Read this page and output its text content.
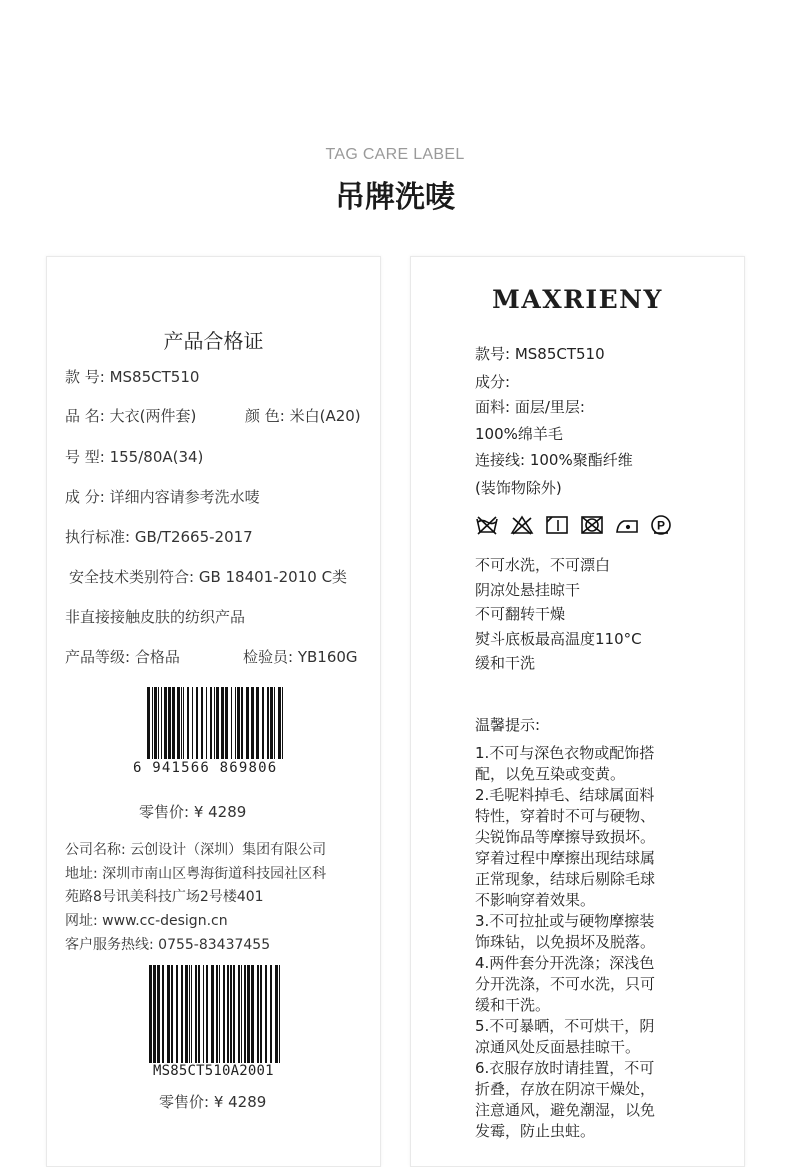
TAG CARE LABEL
吊牌洗唛
产品合格证
款 号: MS85CT510
品 名: 大衣(两件套)	颜 色: 米白(A20)
号 型: 155/80A(34)
成 分: 详细内容请参考洗水唛
执行标准: GB/T2665-2017
安全技术类别符合: GB 18401-2010 C类
非直接接触皮肤的纺织产品
产品等级: 合格品	检验员: YB160G
6 941566 869806
零售价: ¥ 4289
公司名称: 云创设计（深圳）集团有限公司
地址: 深圳市南山区粤海街道科技园社区科
苑路8号讯美科技广场2号楼401
网址: www.cc-design.cn
客户服务热线: 0755-83437455
MS85CT510A2001
零售价: ¥ 4289
MAXRIENY
款号: MS85CT510
成分:
面料: 面层/里层:
100%绵羊毛
连接线: 100%聚酯纤维
(装饰物除外)
P
不可水洗，不可漂白
阴凉处悬挂晾干
不可翻转干燥
熨斗底板最高温度110°C
缓和干洗
温馨提示:
1.不可与深色衣物或配饰搭
配，以免互染或变黄。
2.毛呢料掉毛、结球属面料
特性，穿着时不可与硬物、
尖锐饰品等摩擦导致损坏。
穿着过程中摩擦出现结球属
正常现象，结球后剔除毛球
不影响穿着效果。
3.不可拉扯或与硬物摩擦装
饰珠钻，以免损坏及脱落。
4.两件套分开洗涤；深浅色
分开洗涤，不可水洗，只可
缓和干洗。
5.不可暴晒，不可烘干，阴
凉通风处反面悬挂晾干。
6.衣服存放时请挂置，不可
折叠，存放在阴凉干燥处，
注意通风，避免潮湿，以免
发霉，防止虫蛀。
